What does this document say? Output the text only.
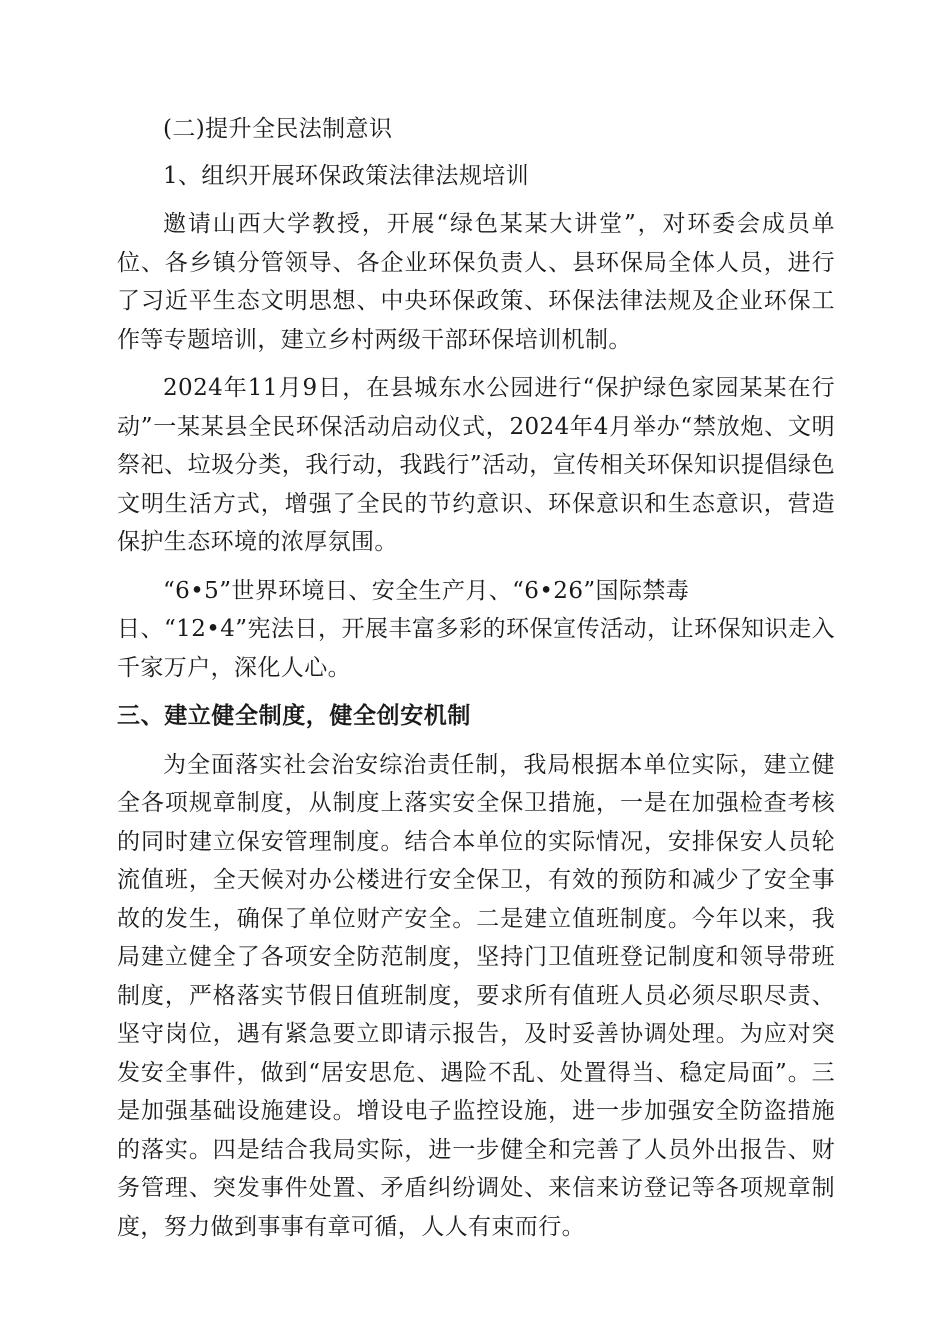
(二)提升全民法制意识

1、组织开展环保政策法律法规培训

邀请山西大学教授，开展“绿色某某大讲堂”，对环委会成员单位、各乡镇分管领导、各企业环保负责人、县环保局全体人员，进行了习近平生态文明思想、中央环保政策、环保法律法规及企业环保工作等专题培训，建立乡村两级干部环保培训机制。

2024年11月9日，在县城东水公园进行“保护绿色家园某某在行动”一某某县全民环保活动启动仪式，2024年4月举办“禁放炮、文明祭祀、垃圾分类，我行动，我践行”活动，宣传相关环保知识提倡绿色文明生活方式，增强了全民的节约意识、环保意识和生态意识，营造保护生态环境的浓厚氛围。

“6•5”世界环境日、安全生产月、“6•26”国际禁毒
日、“12•4”宪法日，开展丰富多彩的环保宣传活动，让环保知识走入千家万户，深化人心。

三、建立健全制度，健全创安机制

为全面落实社会治安综治责任制，我局根据本单位实际，建立健全各项规章制度，从制度上落实安全保卫措施，一是在加强检查考核的同时建立保安管理制度。结合本单位的实际情况，安排保安人员轮流值班，全天候对办公楼进行安全保卫，有效的预防和减少了安全事故的发生，确保了单位财产安全。二是建立值班制度。今年以来，我局建立健全了各项安全防范制度，坚持门卫值班登记制度和领导带班制度，严格落实节假日值班制度，要求所有值班人员必须尽职尽责、坚守岗位，遇有紧急要立即请示报告，及时妥善协调处理。为应对突发安全事件，做到“居安思危、遇险不乱、处置得当、稳定局面”。三是加强基础设施建设。增设电子监控设施，进一步加强安全防盗措施的落实。四是结合我局实际，进一步健全和完善了人员外出报告、财务管理、突发事件处置、矛盾纠纷调处、来信来访登记等各项规章制度，努力做到事事有章可循，人人有束而行。
